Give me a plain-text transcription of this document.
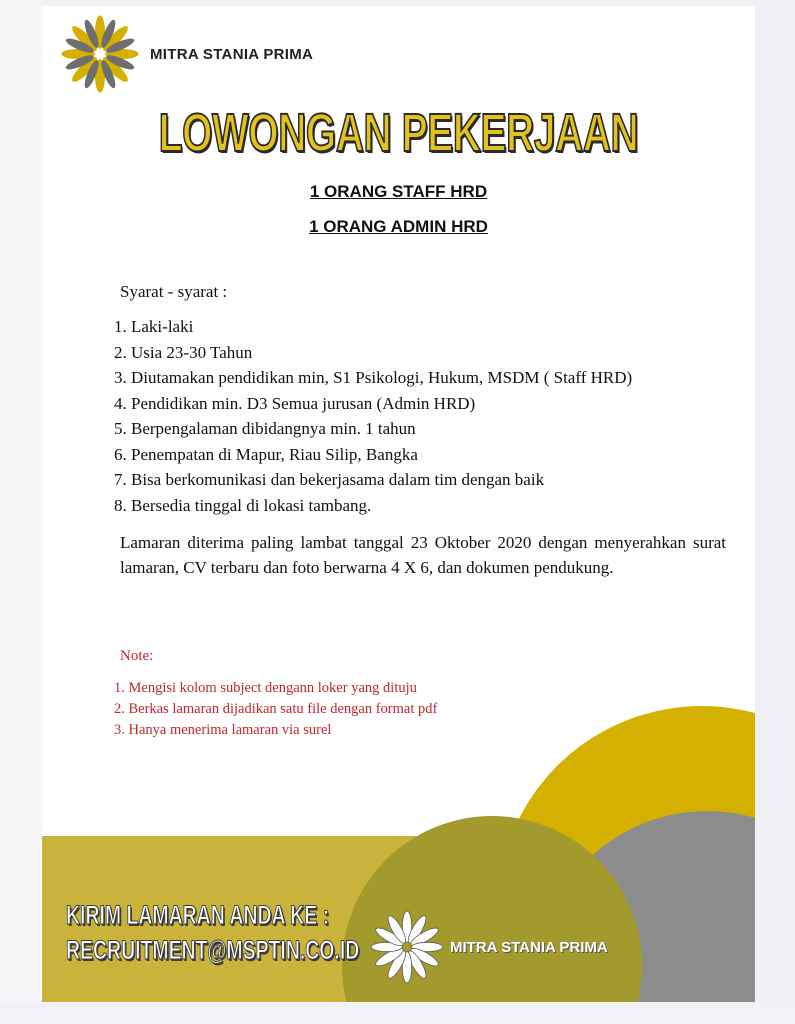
MITRA STANIA PRIMA
LOWONGAN PEKERJAAN
1 ORANG STAFF HRD
1 ORANG ADMIN HRD
Syarat - syarat :
1. Laki-laki
2. Usia 23-30 Tahun
3. Diutamakan pendidikan min, S1 Psikologi, Hukum, MSDM ( Staff HRD)
4. Pendidikan min. D3 Semua jurusan (Admin HRD)
5. Berpengalaman dibidangnya min. 1 tahun
6. Penempatan di Mapur, Riau Silip, Bangka
7. Bisa berkomunikasi dan bekerjasama dalam tim dengan baik
8. Bersedia tinggal di lokasi tambang.
Lamaran diterima paling lambat tanggal 23 Oktober 2020 dengan menyerahkan surat lamaran, CV terbaru dan foto berwarna 4 X 6, dan dokumen pendukung.
Note:
1. Mengisi kolom subject dengann loker yang dituju
2. Berkas lamaran dijadikan satu file dengan format pdf
3. Hanya menerima lamaran via surel
KIRIM LAMARAN ANDA KE :
RECRUITMENT@MSPTIN.CO.ID	MITRA STANIA PRIMA
